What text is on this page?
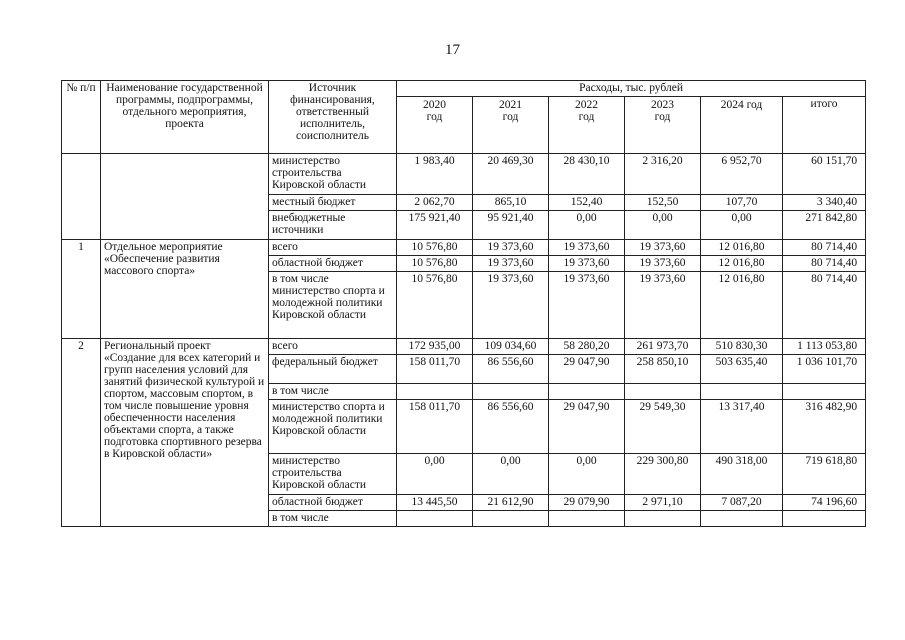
17
№ п/п	Наименование государственной программы, подпрограммы, отдельного мероприятия, проекта	Источник финансирования, ответственный исполнитель, соисполнитель	Расходы, тыс. рублей					
			2020 год	2021 год	2022 год	2023 год	2024 год	итого
		министерство строительства Кировской области	1 983,40	20 469,30	28 430,10	2 316,20	6 952,70	60 151,70
		местный бюджет	2 062,70	865,10	152,40	152,50	107,70	3 340,40
		внебюджетные источники	175 921,40	95 921,40	0,00	0,00	0,00	271 842,80
1	Отдельное мероприятие «Обеспечение развития массового спорта»	всего	10 576,80	19 373,60	19 373,60	19 373,60	12 016,80	80 714,40
		областной бюджет	10 576,80	19 373,60	19 373,60	19 373,60	12 016,80	80 714,40
		в том числе министерство спорта и молодежной политики Кировской области	10 576,80	19 373,60	19 373,60	19 373,60	12 016,80	80 714,40
2	Региональный проект «Создание для всех категорий и групп населения условий для занятий физической культурой и спортом, массовым спортом, в том числе повышение уровня обеспеченности населения объектами спорта, а также подготовка спортивного резерва в Кировской области»	всего	172 935,00	109 034,60	58 280,20	261 973,70	510 830,30	1 113 053,80
		федеральный бюджет	158 011,70	86 556,60	29 047,90	258 850,10	503 635,40	1 036 101,70
		в том числе						
		министерство спорта и молодежной политики Кировской области	158 011,70	86 556,60	29 047,90	29 549,30	13 317,40	316 482,90
		министерство строительства Кировской области	0,00	0,00	0,00	229 300,80	490 318,00	719 618,80
		областной бюджет	13 445,50	21 612,90	29 079,90	2 971,10	7 087,20	74 196,60
		в том числе						
